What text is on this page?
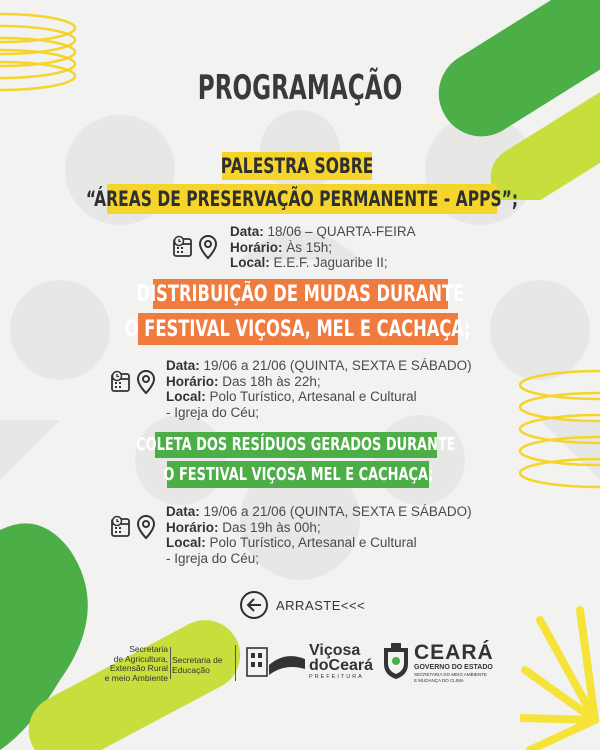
PROGRAMAÇÃO
PALESTRA SOBRE
“ÁREAS DE PRESERVAÇÃO PERMANENTE - APPS”;
Data: 18/06 – QUARTA-FEIRA
Horário: Às 15h;
Local: E.E.F. Jaguaribe II;
DISTRIBUIÇÃO DE MUDAS DURANTE
O FESTIVAL VIÇOSA, MEL E CACHAÇA;
Data: 19/06 a 21/06 (QUINTA, SEXTA E SÁBADO)
Horário: Das 18h às 22h;
Local: Polo Turístico, Artesanal e Cultural
- Igreja do Céu;
COLETA DOS RESÍDUOS GERADOS DURANTE
O FESTIVAL VIÇOSA MEL E CACHAÇA;
Data: 19/06 a 21/06 (QUINTA, SEXTA E SÁBADO)
Horário: Das 19h às 00h;
Local: Polo Turístico, Artesanal e Cultural
- Igreja do Céu;
ARRASTE<<<
Secretaria
de Agricultura,
Extensão Rural
e meio Ambiente
Secretaria de
Educação
Viçosa
doCeará
PREFEITURA
CEARÁ
GOVERNO DO ESTADO
SECRETARIA DO MEIO AMBIENTE
E MUDANÇA DO CLIMA
